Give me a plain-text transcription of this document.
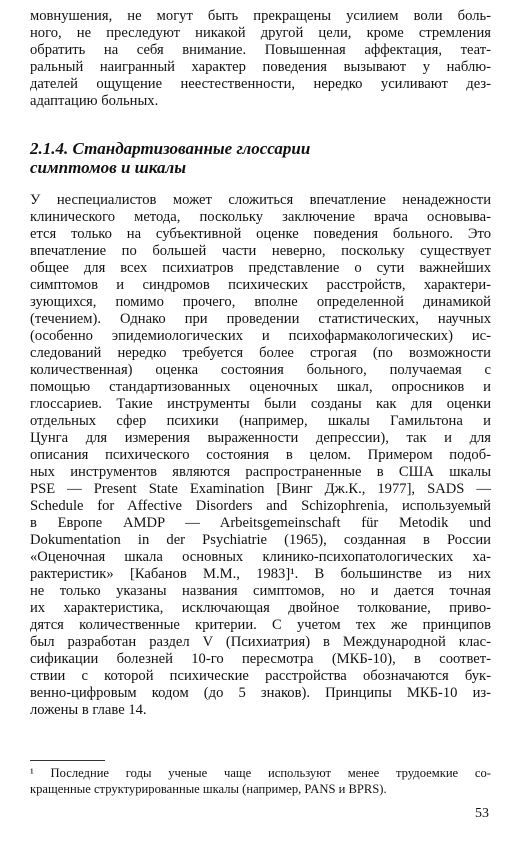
мовнушения, не могут быть прекращены усилием воли боль-
ного, не преследуют никакой другой цели, кроме стремления
обратить на себя внимание. Повышенная аффектация, теат-
ральный наигранный характер поведения вызывают у наблю-
дателей ощущение неестественности, нередко усиливают дез-
адаптацию больных.
2.1.4. Стандартизованные глоссарии
симптомов и шкалы
У неспециалистов может сложиться впечатление ненадежности
клинического метода, поскольку заключение врача основыва-
ется только на субъективной оценке поведения больного. Это
впечатление по большей части неверно, поскольку существует
общее для всех психиатров представление о сути важнейших
симптомов и синдромов психических расстройств, характери-
зующихся, помимо прочего, вполне определенной динамикой
(течением). Однако при проведении статистических, научных
(особенно эпидемиологических и психофармакологических) ис-
следований нередко требуется более строгая (по возможности
количественная) оценка состояния больного, получаемая с
помощью стандартизованных оценочных шкал, опросников и
глоссариев. Такие инструменты были созданы как для оценки
отдельных сфер психики (например, шкалы Гамильтона и
Цунга для измерения выраженности депрессии), так и для
описания психического состояния в целом. Примером подоб-
ных инструментов являются распространенные в США шкалы
PSE — Present State Examination [Винг Дж.К., 1977], SADS —
Schedule for Affective Disorders and Schizophrenia, используемый
в Европе AMDP — Arbeitsgemeinschaft für Metodik und
Dokumentation in der Psychiatrie (1965), созданная в России
«Оценочная шкала основных клинико-психопатологических ха-
рактеристик» [Кабанов М.М., 1983]¹. В большинстве из них
не только указаны названия симптомов, но и дается точная
их характеристика, исключающая двойное толкование, приво-
дятся количественные критерии. С учетом тех же принципов
был разработан раздел V (Психиатрия) в Международной клас-
сификации болезней 10-го пересмотра (МКБ-10), в соответ-
ствии с которой психические расстройства обозначаются бук-
венно-цифровым кодом (до 5 знаков). Принципы МКБ-10 из-
ложены в главе 14.
¹ Последние годы ученые чаще используют менее трудоемкие со-
кращенные структурированные шкалы (например, PANS и BPRS).
53
